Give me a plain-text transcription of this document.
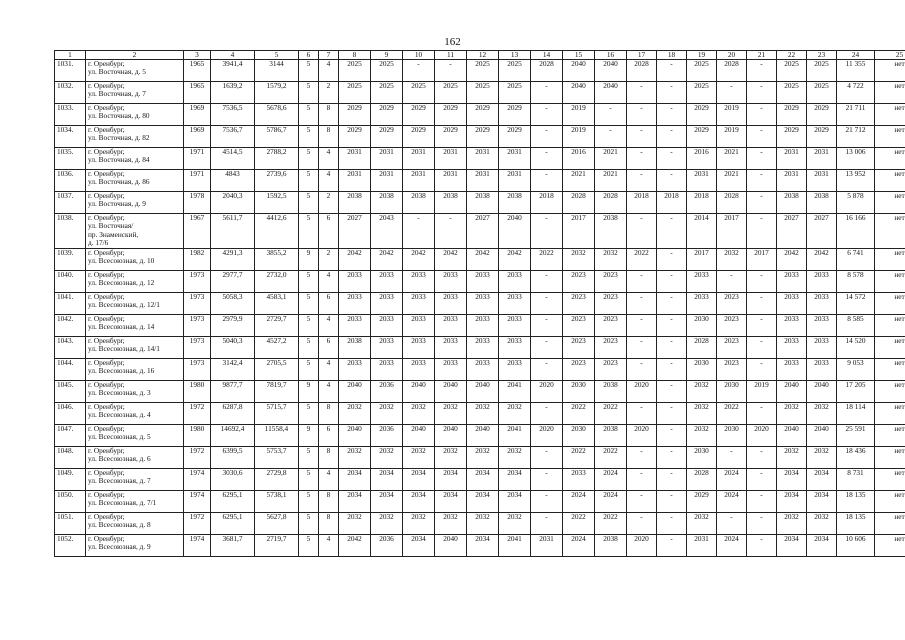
162
1	2	3	4	5	6	7	8	9	10	11	12	13	14	15	16	17	18	19	20	21	22	23	24	25
1031.	г. Оренбург,
ул. Восточная, д. 5	1965	3941,4	3144	5	4	2025	2025	-	-	2025	2025	2028	2040	2040	2028	-	2025	2028	-	2025	2025	11 355	нет
1032.	г. Оренбург,
ул. Восточная, д. 7	1965	1639,2	1579,2	5	2	2025	2025	2025	2025	2025	2025	-	2040	2040	-	-	2025	-	-	2025	2025	4 722	нет
1033.	г. Оренбург,
ул. Восточная, д. 80	1969	7536,5	5678,6	5	8	2029	2029	2029	2029	2029	2029	-	2019	-	-	-	2029	2019	-	2029	2029	21 711	нет
1034.	г. Оренбург,
ул. Восточная, д. 82	1969	7536,7	5786,7	5	8	2029	2029	2029	2029	2029	2029	-	2019	-	-	-	2029	2019	-	2029	2029	21 712	нет
1035.	г. Оренбург,
ул. Восточная, д. 84	1971	4514,5	2788,2	5	4	2031	2031	2031	2031	2031	2031	-	2016	2021	-	-	2016	2021	-	2031	2031	13 006	нет
1036.	г. Оренбург,
ул. Восточная, д. 86	1971	4843	2739,6	5	4	2031	2031	2031	2031	2031	2031	-	2021	2021	-	-	2031	2021	-	2031	2031	13 952	нет
1037.	г. Оренбург,
ул. Восточная, д. 9	1978	2040,3	1592,5	5	2	2038	2038	2038	2038	2038	2038	2018	2028	2028	2018	2018	2018	2028	-	2038	2038	5 878	нет
1038.	г. Оренбург,
ул. Восточная/
пр. Знаменский,
д. 17/6	1967	5611,7	4412,6	5	6	2027	2043	-	-	2027	2040	-	2017	2038	-	-	2014	2017	-	2027	2027	16 166	нет
1039.	г. Оренбург,
ул. Всесоюзная, д. 10	1982	4291,3	3855,2	9	2	2042	2042	2042	2042	2042	2042	2022	2032	2032	2022	-	2017	2032	2017	2042	2042	6 741	нет
1040.	г. Оренбург,
ул. Всесоюзная, д. 12	1973	2977,7	2732,0	5	4	2033	2033	2033	2033	2033	2033	-	2023	2023	-	-	2033	-	-	2033	2033	8 578	нет
1041.	г. Оренбург,
ул. Всесоюзная, д. 12/1	1973	5058,3	4583,1	5	6	2033	2033	2033	2033	2033	2033	-	2023	2023	-	-	2033	2023	-	2033	2033	14 572	нет
1042.	г. Оренбург,
ул. Всесоюзная, д. 14	1973	2979,9	2729,7	5	4	2033	2033	2033	2033	2033	2033	-	2023	2023	-	-	2030	2023	-	2033	2033	8 585	нет
1043.	г. Оренбург,
ул. Всесоюзная, д. 14/1	1973	5040,3	4527,2	5	6	2038	2033	2033	2033	2033	2033	-	2023	2023	-	-	2028	2023	-	2033	2033	14 520	нет
1044.	г. Оренбург,
ул. Всесоюзная, д. 16	1973	3142,4	2705,5	5	4	2033	2033	2033	2033	2033	2033	-	2023	2023	-	-	2030	2023	-	2033	2033	9 053	нет
1045.	г. Оренбург,
ул. Всесоюзная, д. 3	1980	9877,7	7819,7	9	4	2040	2036	2040	2040	2040	2041	2020	2030	2038	2020	-	2032	2030	2019	2040	2040	17 205	нет
1046.	г. Оренбург,
ул. Всесоюзная, д. 4	1972	6287,8	5715,7	5	8	2032	2032	2032	2032	2032	2032	-	2022	2022	-	-	2032	2022	-	2032	2032	18 114	нет
1047.	г. Оренбург,
ул. Всесоюзная, д. 5	1980	14692,4	11558,4	9	6	2040	2036	2040	2040	2040	2041	2020	2030	2038	2020	-	2032	2030	2020	2040	2040	25 591	нет
1048.	г. Оренбург,
ул. Всесоюзная, д. 6	1972	6399,5	5753,7	5	8	2032	2032	2032	2032	2032	2032	-	2022	2022	-	-	2030	-	-	2032	2032	18 436	нет
1049.	г. Оренбург,
ул. Всесоюзная, д. 7	1974	3030,6	2729,8	5	4	2034	2034	2034	2034	2034	2034	-	2033	2024	-	-	2028	2024	-	2034	2034	8 731	нет
1050.	г. Оренбург,
ул. Всесоюзная, д. 7/1	1974	6295,1	5738,1	5	8	2034	2034	2034	2034	2034	2034	-	2024	2024	-	-	2029	2024	-	2034	2034	18 135	нет
1051.	г. Оренбург,
ул. Всесоюзная, д. 8	1972	6295,1	5627,8	5	8	2032	2032	2032	2032	2032	2032	-	2022	2022	-	-	2032	-	-	2032	2032	18 135	нет
1052.	г. Оренбург,
ул. Всесоюзная, д. 9	1974	3681,7	2719,7	5	4	2042	2036	2034	2040	2034	2041	2031	2024	2038	2020	-	2031	2024	-	2034	2034	10 606	нет
